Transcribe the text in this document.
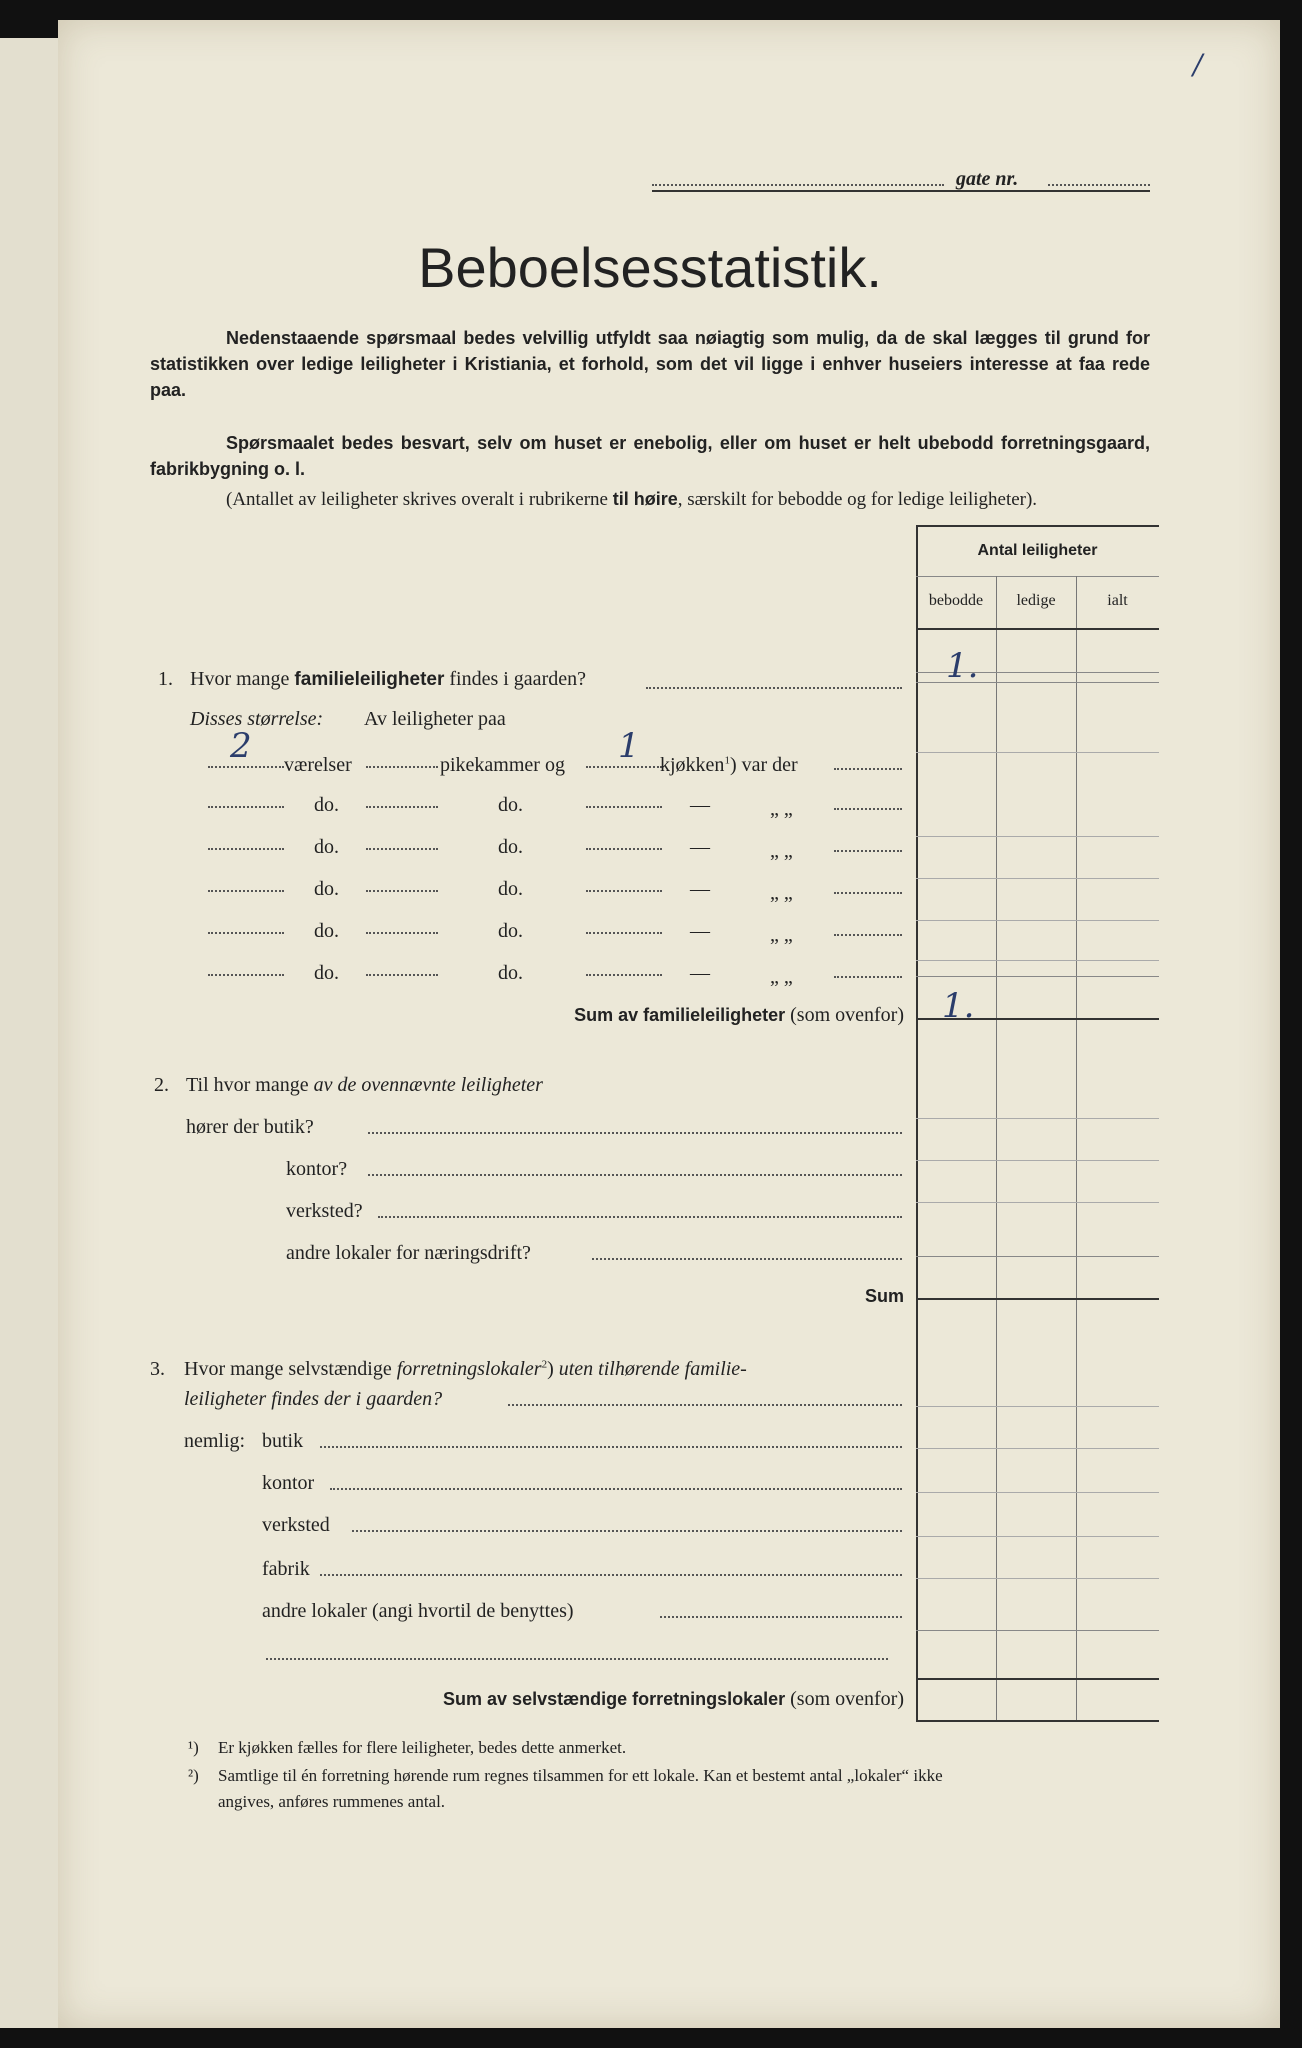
/
gate nr.
Beboelsesstatistik.

Nedenstaaende spørsmaal bedes velvillig utfyldt saa nøiagtig som mulig, da de skal lægges til grund for statistikken over ledige leiligheter i Kristiania, et forhold, som det vil ligge i enhver huseiers interesse at faa rede paa.

Spørsmaalet bedes besvart, selv om huset er enebolig, eller om huset er helt ubebodd forretningsgaard, fabrikbygning o. l.

(Antallet av leiligheter skrives overalt i rubrikerne til høire, særskilt for bebodde og for ledige leiligheter).

Antal leiligheter
bebodde	ledige	ialt
1. Hvor mange familieleiligheter findes i gaarden?	1.
Disses størrelse: Av leiligheter paa
2 værelser	pikekammer og 1 kjøkken$^1$) var der
do.	do.	—	„ „
do.	do.	—	„ „
do.	do.	—	„ „
do.	do.	—	„ „
do.	do.	—	„ „
Sum av familieleiligheter (som ovenfor) 1.
2. Til hvor mange av de ovennævnte leiligheter
hører der butik?
kontor?
verksted?
andre lokaler for næringsdrift?
Sum
3. Hvor mange selvstændige forretningslokaler$^2$) uten tilhørende familie-
leiligheter findes der i gaarden?
nemlig: butik
kontor
verksted
fabrik
andre lokaler (angi hvortil de benyttes)
Sum av selvstændige forretningslokaler (som ovenfor)
¹) Er kjøkken fælles for flere leiligheter, bedes dette anmerket.
²) Samtlige til én forretning hørende rum regnes tilsammen for ett lokale. Kan et bestemt antal „lokaler“ ikke
angives, anføres rummenes antal.
